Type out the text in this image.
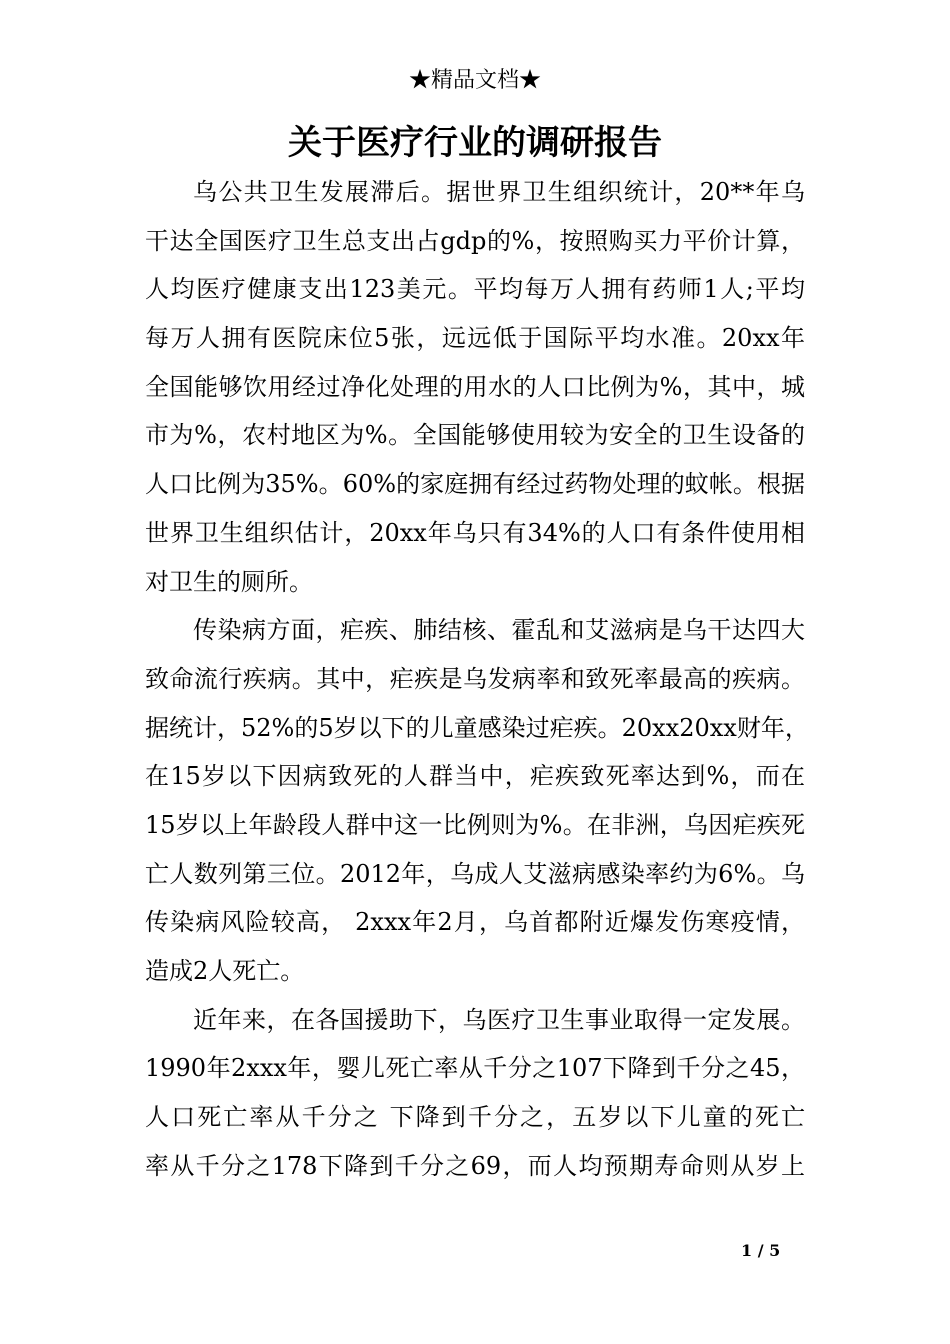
★精品文档★
关于医疗行业的调研报告
乌公共卫生发展滞后。据世界卫生组织统计，20**年乌
干达全国医疗卫生总支出占gdp的%，按照购买力平价计算，
人均医疗健康支出123美元。平均每万人拥有药师1人;平均
每万人拥有医院床位5张，远远低于国际平均水准。20xx年
全国能够饮用经过净化处理的用水的人口比例为%，其中，城
市为%，农村地区为%。全国能够使用较为安全的卫生设备的
人口比例为35%。60%的家庭拥有经过药物处理的蚊帐。根据
世界卫生组织估计，20xx年乌只有34%的人口有条件使用相
对卫生的厕所。
传染病方面，疟疾、肺结核、霍乱和艾滋病是乌干达四大
致命流行疾病。其中，疟疾是乌发病率和致死率最高的疾病。
据统计，52%的5岁以下的儿童感染过疟疾。20xx20xx财年，
在15岁以下因病致死的人群当中，疟疾致死率达到%，而在
15岁以上年龄段人群中这一比例则为%。在非洲，乌因疟疾死
亡人数列第三位。2012年，乌成人艾滋病感染率约为6%。乌
传染病风险较高， 2xxx年2月，乌首都附近爆发伤寒疫情，
造成2人死亡。
近年来，在各国援助下，乌医疗卫生事业取得一定发展。
1990年2xxx年，婴儿死亡率从千分之107下降到千分之45，
人口死亡率从千分之 下降到千分之，五岁以下儿童的死亡
率从千分之178下降到千分之69，而人均预期寿命则从岁上
1 / 5
